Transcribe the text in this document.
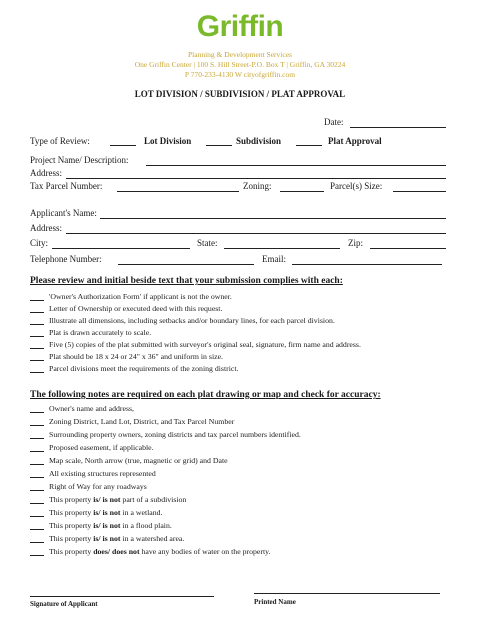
Griffin
Planning & Development Services
One Griffin Center | 100 S. Hill Street-P.O. Box T | Griffin, GA 30224
P 770-233-4130 W cityofgriffin.com
LOT DIVISION / SUBDIVISION / PLAT APPROVAL
Date:
Type of Review:	Lot Division	Subdivision	Plat Approval
Project Name/ Description:
Address:
Tax Parcel Number:	Zoning:	Parcel(s) Size:
Applicant's Name:
Address:
City:	State:	Zip:
Telephone Number:	Email:
Please review and initial beside text that your submission complies with each:
'Owner's Authorization Form' if applicant is not the owner.
Letter of Ownership or executed deed with this request.
Illustrate all dimensions, including setbacks and/or boundary lines, for each parcel division.
Plat is drawn accurately to scale.
Five (5) copies of the plat submitted with surveyor's original seal, signature, firm name and address.
Plat should be 18 x 24 or 24" x 36" and uniform in size.
Parcel divisions meet the requirements of the zoning district.
The following notes are required on each plat drawing or map and check for accuracy:
Owner's name and address,
Zoning District, Land Lot, District, and Tax Parcel Number
Surrounding property owners, zoning districts and tax parcel numbers identified.
Proposed easement, if applicable.
Map scale, North arrow (true, magnetic or grid) and Date
All existing structures represented
Right of Way for any roadways
This property is/ is not part of a subdivision
This property is/ is not in a wetland.
This property is/ is not in a flood plain.
This property is/ is not in a watershed area.
This property does/ does not have any bodies of water on the property.
Signature of Applicant	Printed Name
